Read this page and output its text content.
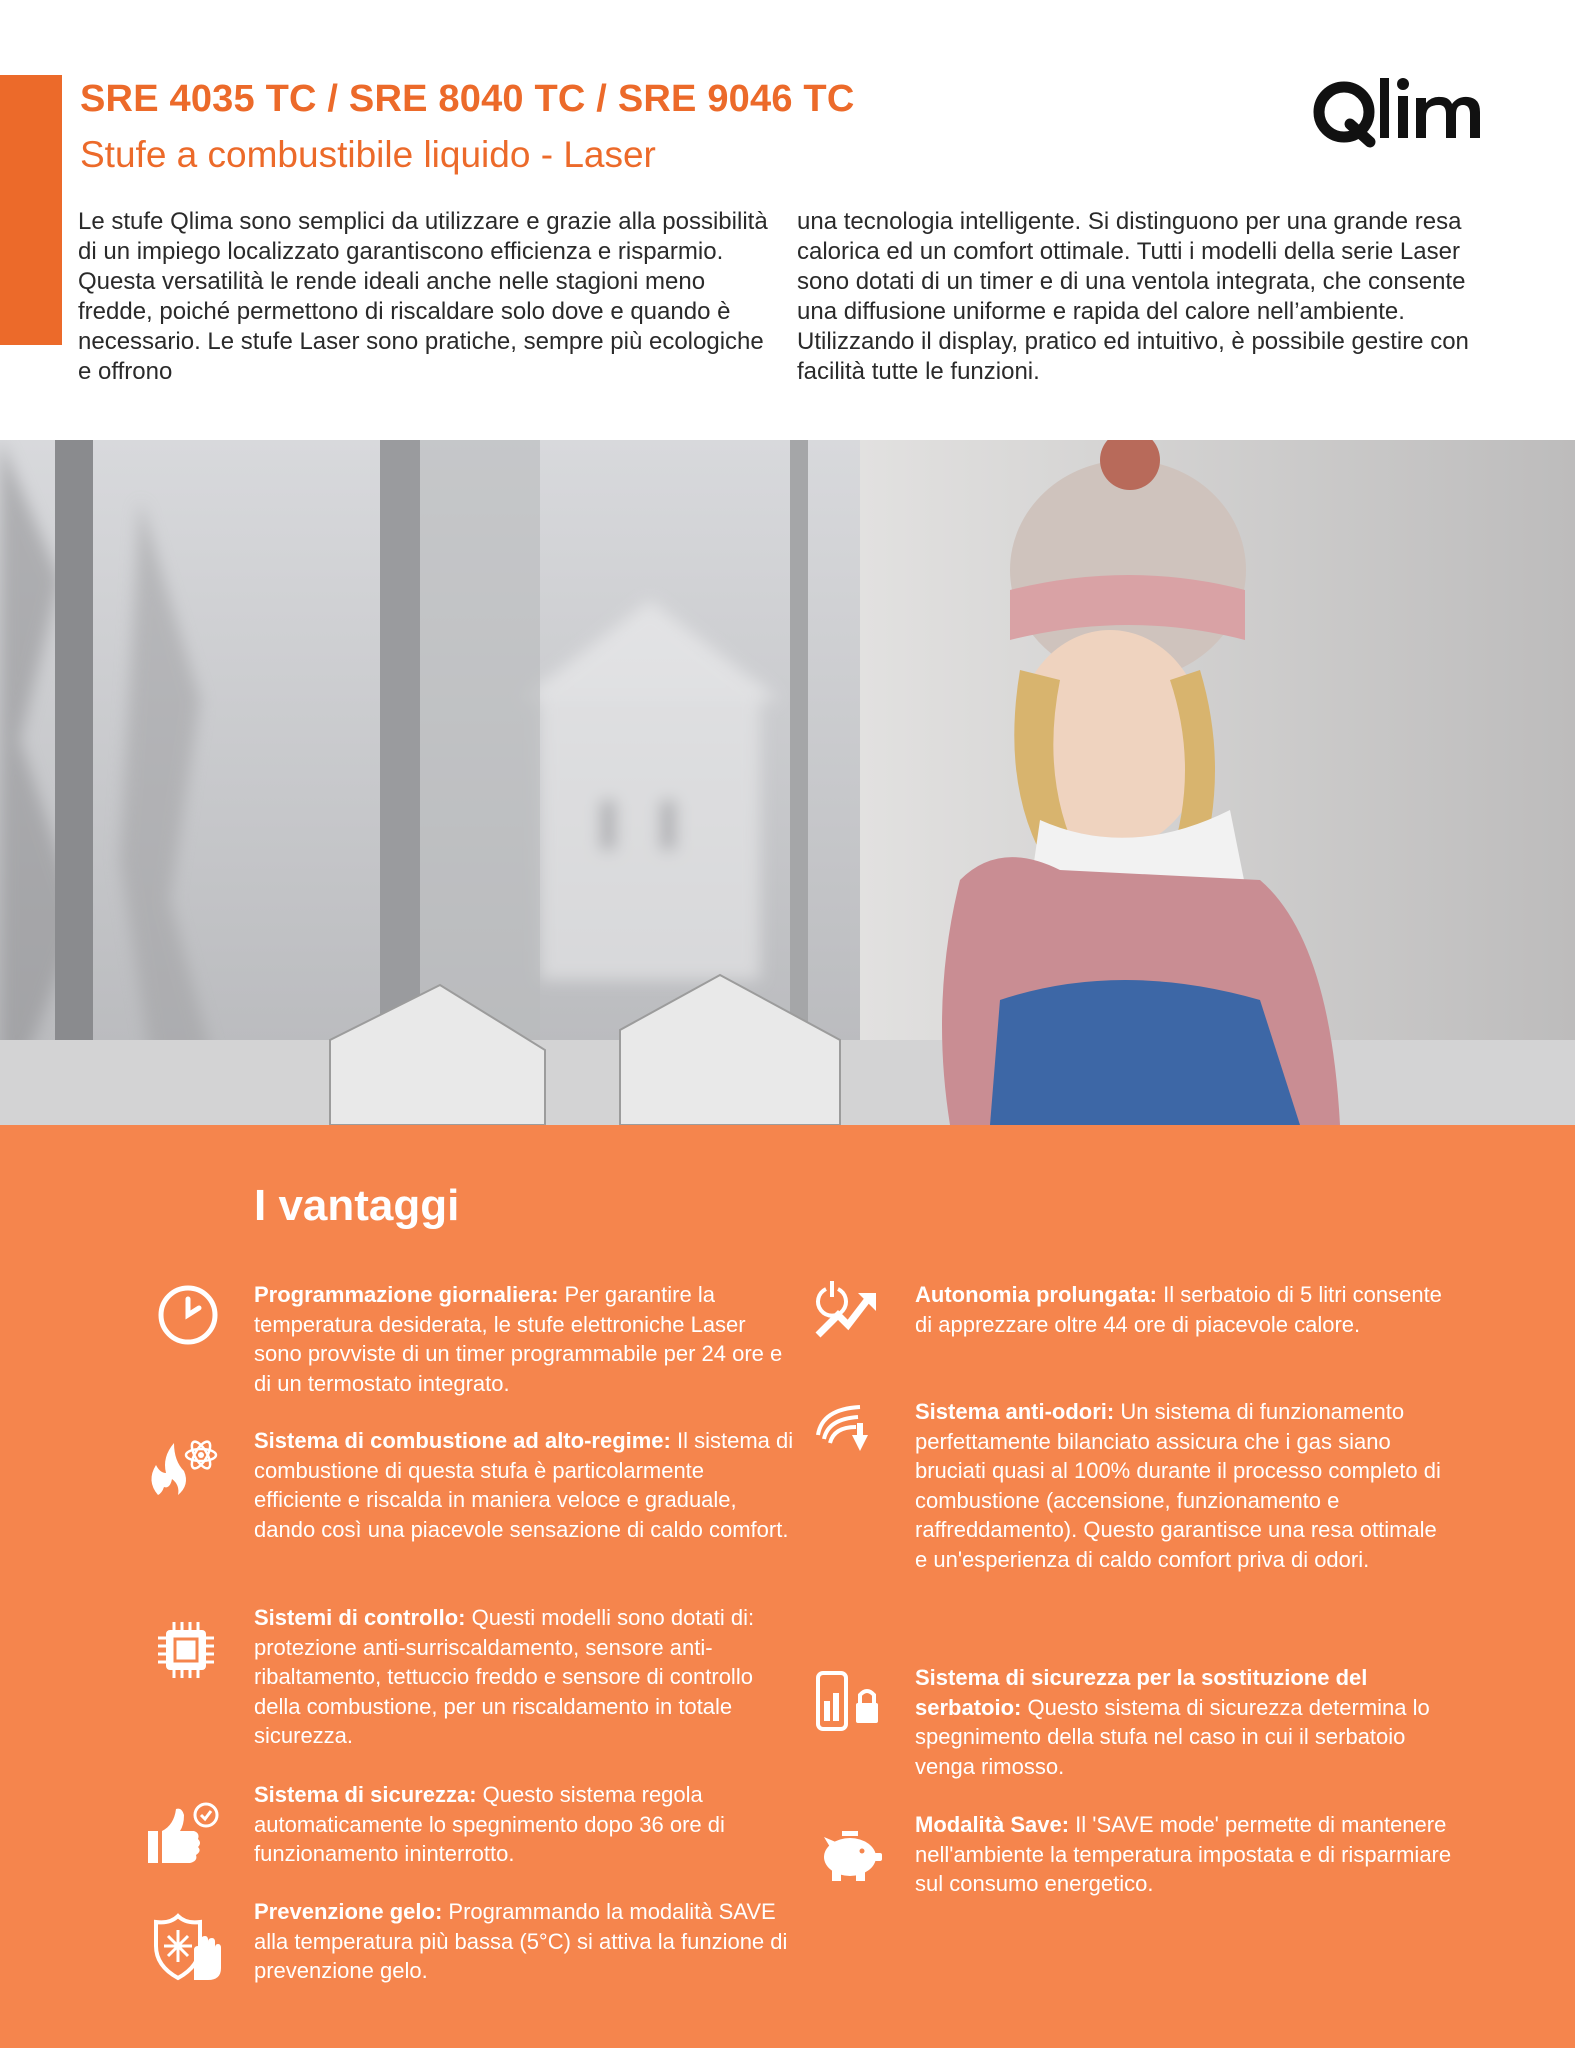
SRE 4035 TC / SRE 8040 TC / SRE 9046 TC
Stufe a combustibile liquido - Laser

Le stufe Qlima sono semplici da utilizzare e grazie alla possibilità di un impiego localizzato garantiscono efficienza e risparmio. Questa versatilità le rende ideali anche nelle stagioni meno fredde, poiché permettono di riscaldare solo dove e quando è necessario. Le stufe Laser sono pratiche, sempre più ecologiche e offrono

una tecnologia intelligente. Si distinguono per una grande resa calorica ed un comfort ottimale. Tutti i modelli della serie Laser sono dotati di un timer e di una ventola integrata, che consente una diffusione uniforme e rapida del calore nell’ambiente. Utilizzando il display, pratico ed intuitivo, è possibile gestire con facilità tutte le funzioni.

I vantaggi
Programmazione giornaliera: Per garantire la temperatura desiderata, le stufe elettroniche Laser sono provviste di un timer programmabile per 24 ore e di un termostato integrato.
Sistema di combustione ad alto-regime: Il sistema di combustione di questa stufa è particolarmente efficiente e riscalda in maniera veloce e graduale, dando così una piacevole sensazione di caldo comfort.
Sistemi di controllo: Questi modelli sono dotati di: protezione anti-surriscaldamento, sensore anti-ribaltamento, tettuccio freddo e sensore di controllo della combustione, per un riscaldamento in totale sicurezza.
Sistema di sicurezza: Questo sistema regola automaticamente lo spegnimento dopo 36 ore di funzionamento ininterrotto.
Prevenzione gelo: Programmando la modalità SAVE alla temperatura più bassa (5°C) si attiva la funzione di prevenzione gelo.
Autonomia prolungata: Il serbatoio di 5 litri consente di apprezzare oltre 44 ore di piacevole calore.
Sistema anti-odori: Un sistema di funzionamento perfettamente bilanciato assicura che i gas siano bruciati quasi al 100% durante il processo completo di combustione (accensione, funzionamento e raffreddamento). Questo garantisce una resa ottimale e un'esperienza di caldo comfort priva di odori.
Sistema di sicurezza per la sostituzione del serbatoio: Questo sistema di sicurezza determina lo spegnimento della stufa nel caso in cui il serbatoio venga rimosso.
Modalità Save: Il 'SAVE mode' permette di mantenere nell'ambiente la temperatura impostata e di risparmiare sul consumo energetico.
